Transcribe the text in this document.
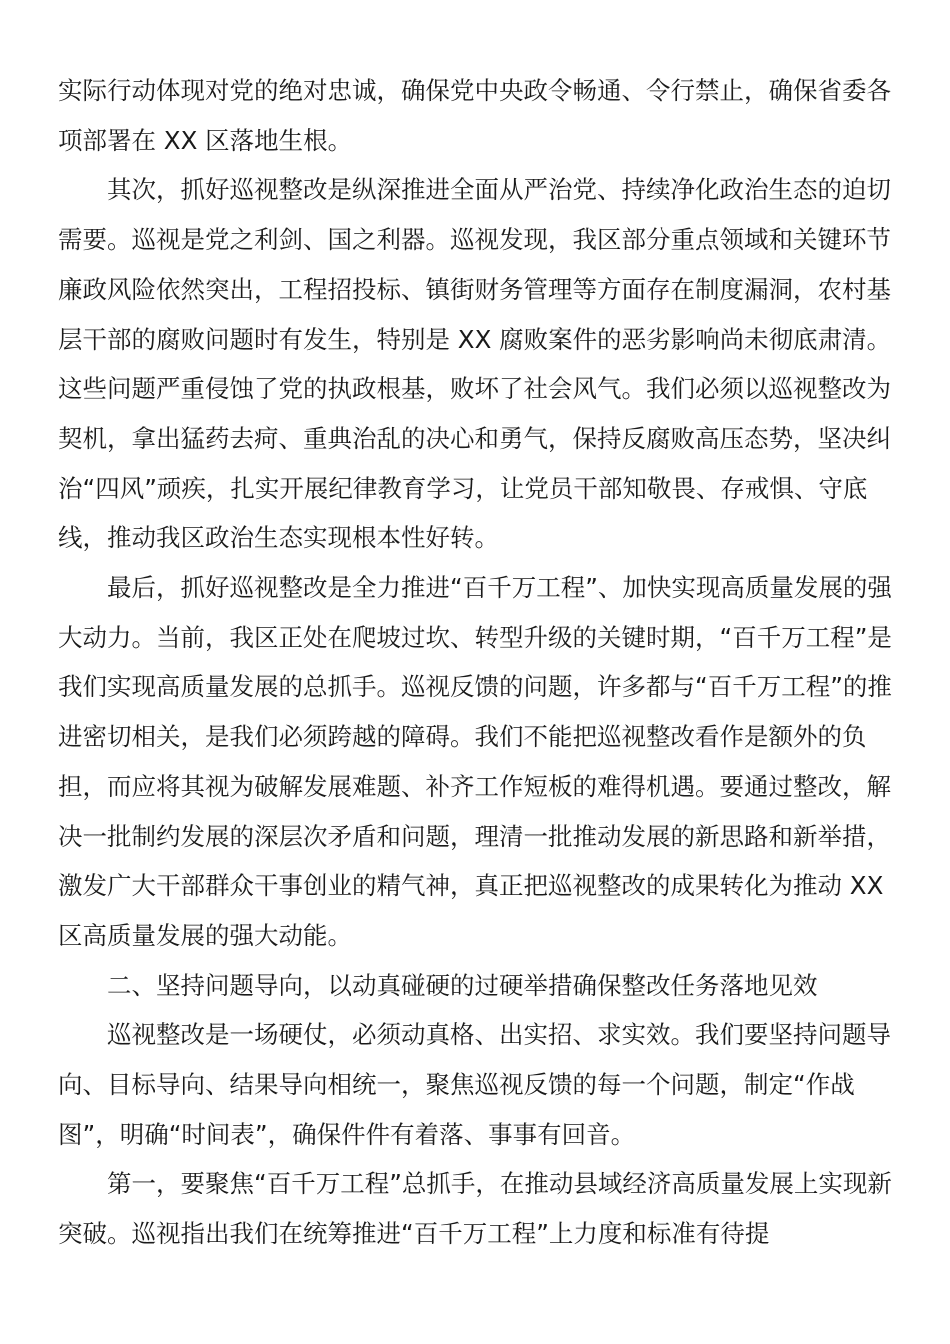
实际行动体现对党的绝对忠诚，确保党中央政令畅通、令行禁止，确保省委各项部署在 XX 区落地生根。

其次，抓好巡视整改是纵深推进全面从严治党、持续净化政治生态的迫切需要。巡视是党之利剑、国之利器。巡视发现，我区部分重点领域和关键环节廉政风险依然突出，工程招投标、镇街财务管理等方面存在制度漏洞，农村基层干部的腐败问题时有发生，特别是 XX 腐败案件的恶劣影响尚未彻底肃清。这些问题严重侵蚀了党的执政根基，败坏了社会风气。我们必须以巡视整改为契机，拿出猛药去疴、重典治乱的决心和勇气，保持反腐败高压态势，坚决纠治“四风”顽疾，扎实开展纪律教育学习，让党员干部知敬畏、存戒惧、守底线，推动我区政治生态实现根本性好转。

最后，抓好巡视整改是全力推进“百千万工程”、加快实现高质量发展的强大动力。当前，我区正处在爬坡过坎、转型升级的关键时期，“百千万工程”是我们实现高质量发展的总抓手。巡视反馈的问题，许多都与“百千万工程”的推进密切相关，是我们必须跨越的障碍。我们不能把巡视整改看作是额外的负担，而应将其视为破解发展难题、补齐工作短板的难得机遇。要通过整改，解决一批制约发展的深层次矛盾和问题，理清一批推动发展的新思路和新举措，激发广大干部群众干事创业的精气神，真正把巡视整改的成果转化为推动 XX 区高质量发展的强大动能。

二、坚持问题导向，以动真碰硬的过硬举措确保整改任务落地见效

巡视整改是一场硬仗，必须动真格、出实招、求实效。我们要坚持问题导向、目标导向、结果导向相统一，聚焦巡视反馈的每一个问题，制定“作战图”，明确“时间表”，确保件件有着落、事事有回音。

第一，要聚焦“百千万工程”总抓手，在推动县域经济高质量发展上实现新突破。巡视指出我们在统筹推进“百千万工程”上力度和标准有待提
